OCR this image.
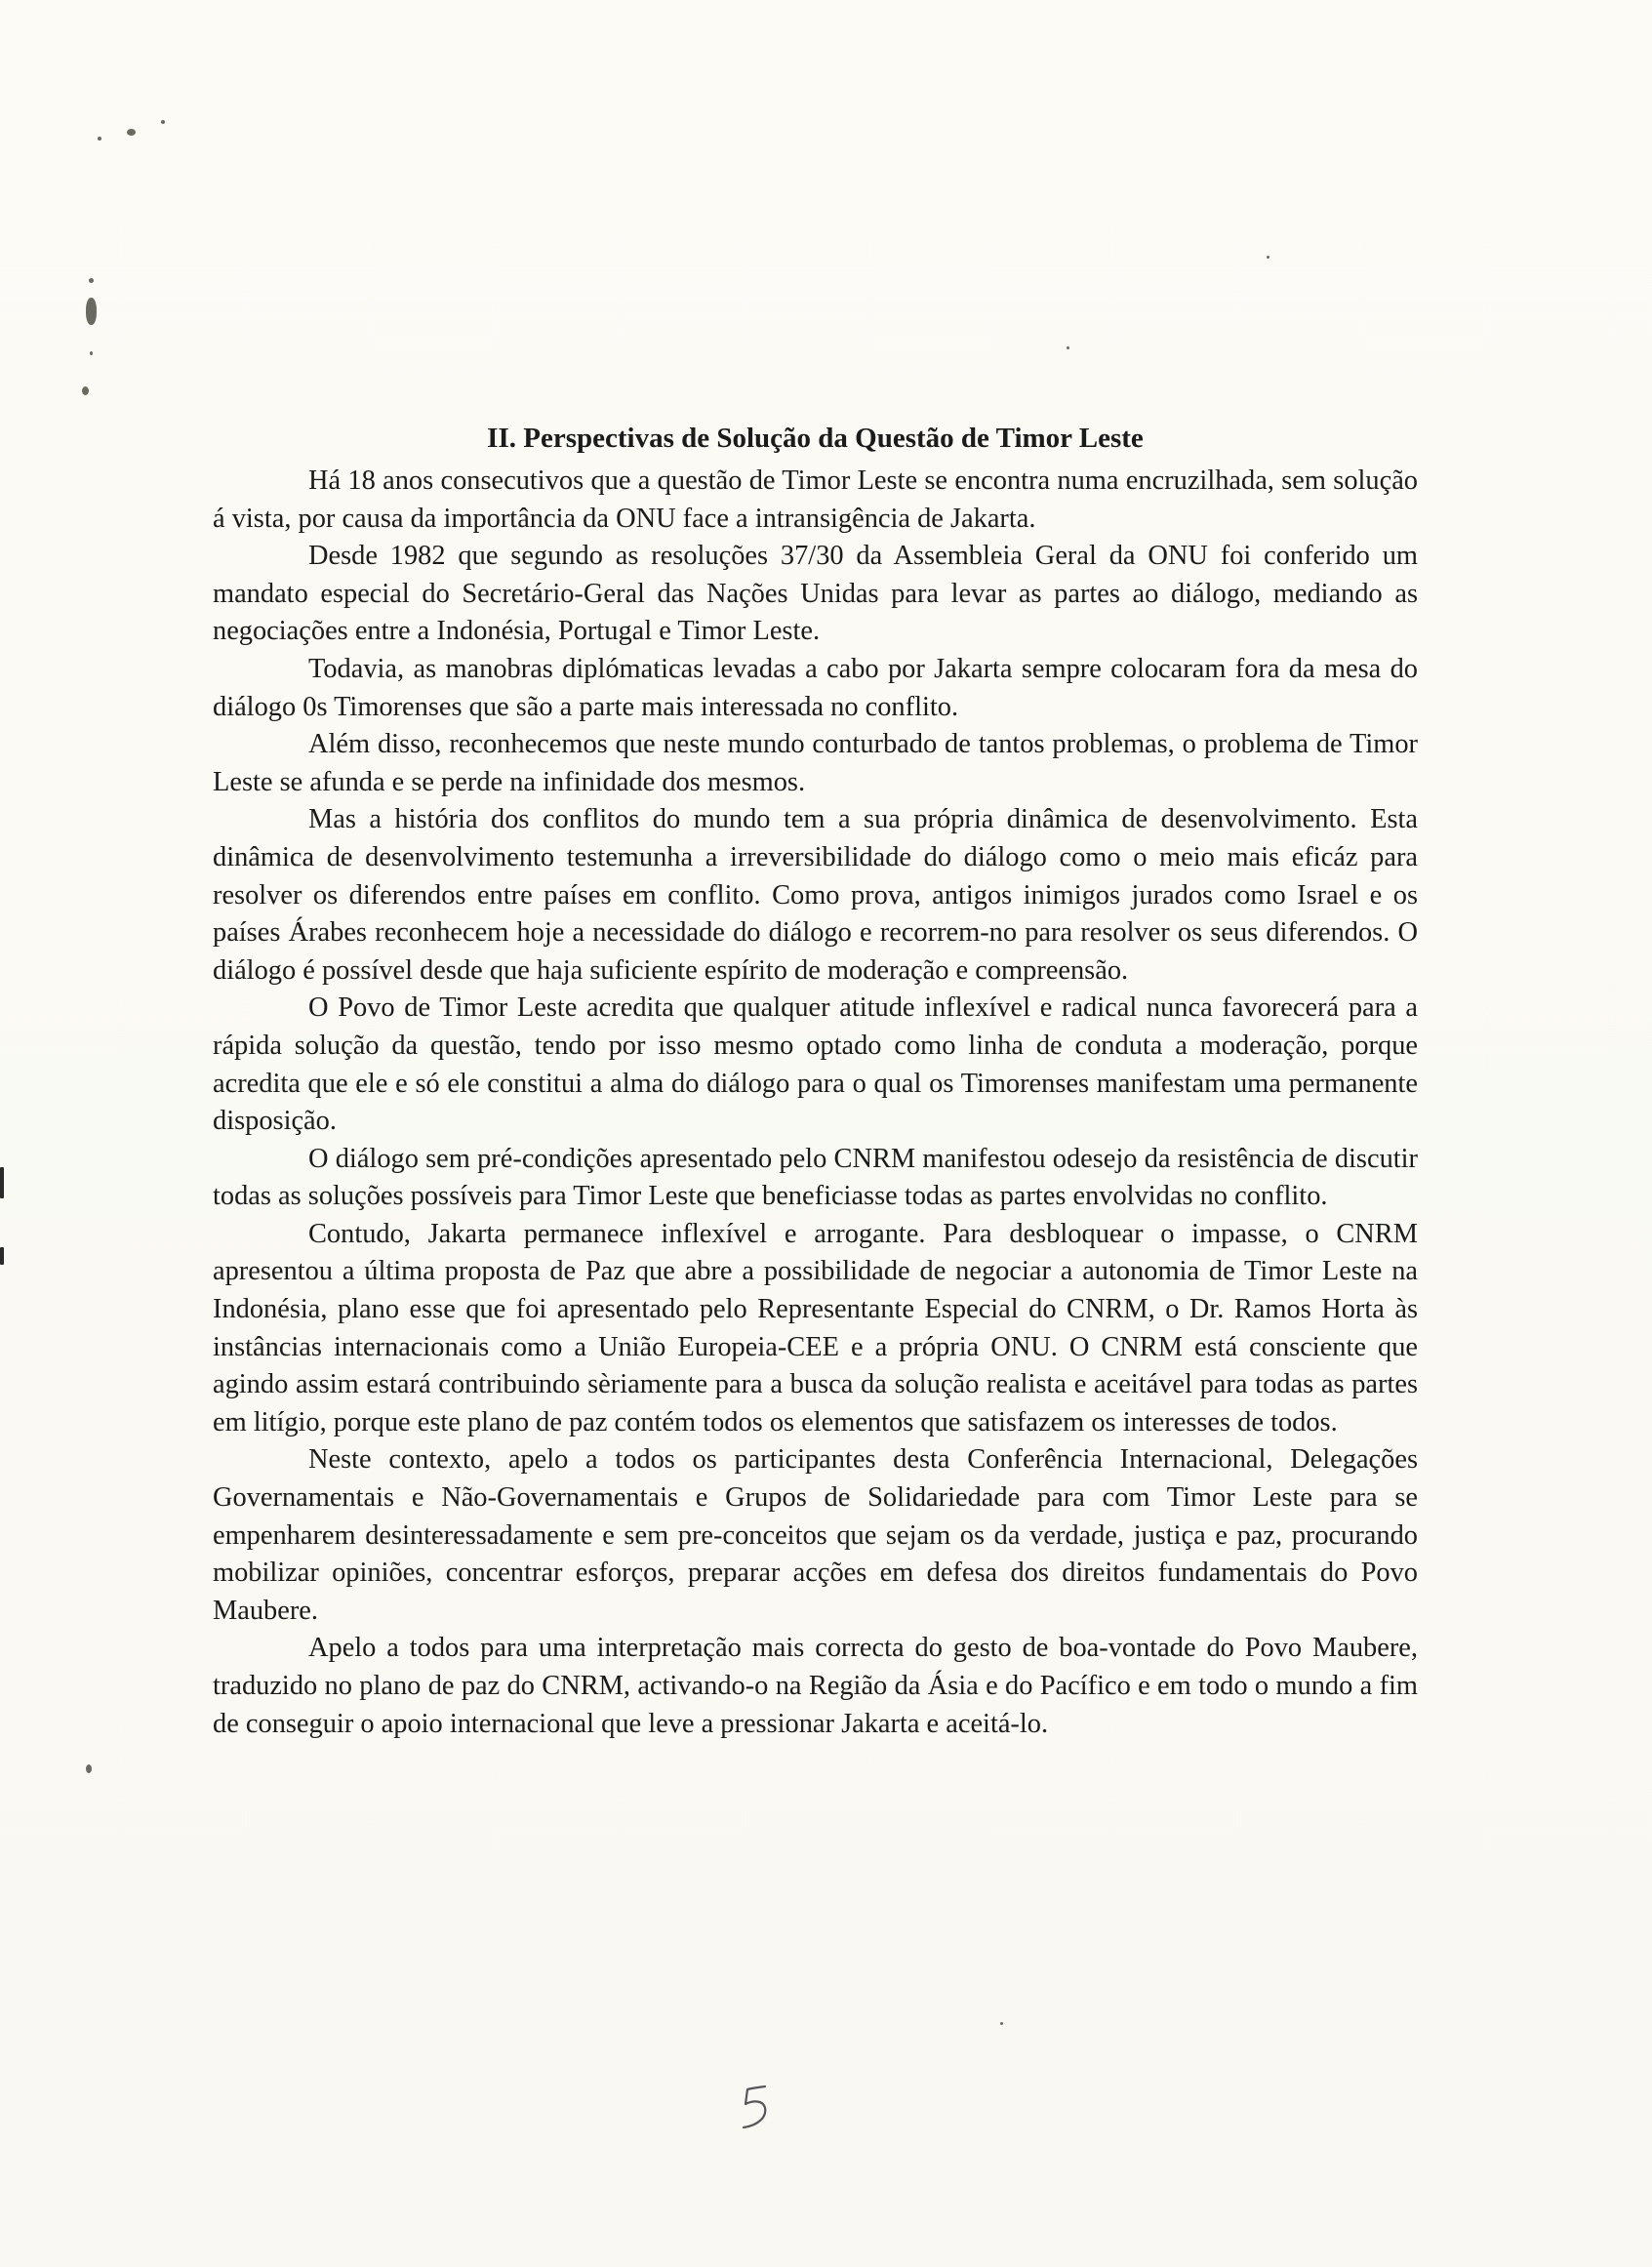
II. Perspectivas de Solução da Questão de Timor Leste

Há 18 anos consecutivos que a questão de Timor Leste se encontra numa encruzilhada, sem solução á vista, por causa da importância da ONU face a intransigência de Jakarta.

Desde 1982 que segundo as resoluções 37/30 da Assembleia Geral da ONU foi conferido um mandato especial do Secretário-Geral das Nações Unidas para levar as partes ao diálogo, mediando as negociações entre a Indonésia, Portugal e Timor Leste.

Todavia, as manobras diplómaticas levadas a cabo por Jakarta sempre colocaram fora da mesa do diálogo 0s Timorenses que são a parte mais interessada no conflito.

Além disso, reconhecemos que neste mundo conturbado de tantos problemas, o problema de Timor Leste se afunda e se perde na infinidade dos mesmos.

Mas a história dos conflitos do mundo tem a sua própria dinâmica de desenvolvimento. Esta dinâmica de desenvolvimento testemunha a irreversibilidade do diálogo como o meio mais eficáz para resolver os diferendos entre países em conflito. Como prova, antigos inimigos jurados como Israel e os países Árabes reconhecem hoje a necessidade do diálogo e recorrem-no para resolver os seus diferendos. O diálogo é possível desde que haja suficiente espírito de moderação e compreensão.

O Povo de Timor Leste acredita que qualquer atitude inflexível e radical nunca favorecerá para a rápida solução da questão, tendo por isso mesmo optado como linha de conduta a moderação, porque acredita que ele e só ele constitui a alma do diálogo para o qual os Timorenses manifestam uma permanente disposição.

O diálogo sem pré-condições apresentado pelo CNRM manifestou odesejo da resistência de discutir todas as soluções possíveis para Timor Leste que beneficiasse todas as partes envolvidas no conflito.

Contudo, Jakarta permanece inflexível e arrogante. Para desbloquear o impasse, o CNRM apresentou a última proposta de Paz que abre a possibilidade de negociar a autonomia de Timor Leste na Indonésia, plano esse que foi apresentado pelo Representante Especial do CNRM, o Dr. Ramos Horta às instâncias internacionais como a União Europeia-CEE e a própria ONU. O CNRM está consciente que agindo assim estará contribuindo sèriamente para a busca da solução realista e aceitável para todas as partes em litígio, porque este plano de paz contém todos os elementos que satisfazem os interesses de todos.

Neste contexto, apelo a todos os participantes desta Conferência Internacional, Delegações Governamentais e Não-Governamentais e Grupos de Solidariedade para com Timor Leste para se empenharem desinteressadamente e sem pre-conceitos que sejam os da verdade, justiça e paz, procurando mobilizar opiniões, concentrar esforços, preparar acções em defesa dos direitos fundamentais do Povo Maubere.

Apelo a todos para uma interpretação mais correcta do gesto de boa-vontade do Povo Maubere, traduzido no plano de paz do CNRM, activando-o na Região da Ásia e do Pacífico e em todo o mundo a fim de conseguir o apoio internacional que leve a pressionar Jakarta e aceitá-lo.
